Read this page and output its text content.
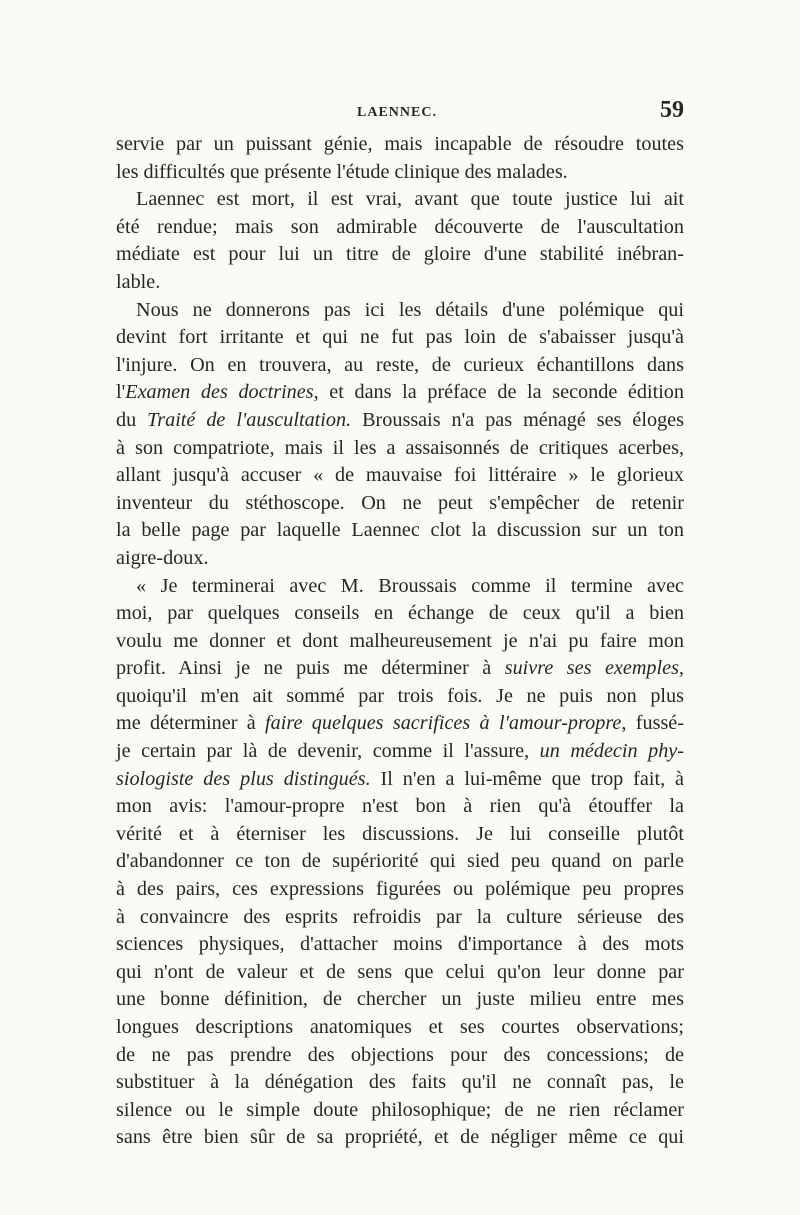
LAENNEC.	59
servie par un puissant génie, mais incapable de résoudre toutes
les difficultés que présente l'étude clinique des malades.
Laennec est mort, il est vrai, avant que toute justice lui ait
été rendue; mais son admirable découverte de l'auscultation
médiate est pour lui un titre de gloire d'une stabilité inébran-
lable.
Nous ne donnerons pas ici les détails d'une polémique qui
devint fort irritante et qui ne fut pas loin de s'abaisser jusqu'à
l'injure. On en trouvera, au reste, de curieux échantillons dans
l'Examen des doctrines, et dans la préface de la seconde édition
du Traité de l'auscultation. Broussais n'a pas ménagé ses éloges
à son compatriote, mais il les a assaisonnés de critiques acerbes,
allant jusqu'à accuser « de mauvaise foi littéraire » le glorieux
inventeur du stéthoscope. On ne peut s'empêcher de retenir
la belle page par laquelle Laennec clot la discussion sur un ton
aigre-doux.
« Je terminerai avec M. Broussais comme il termine avec
moi, par quelques conseils en échange de ceux qu'il a bien
voulu me donner et dont malheureusement je n'ai pu faire mon
profit. Ainsi je ne puis me déterminer à suivre ses exemples,
quoiqu'il m'en ait sommé par trois fois. Je ne puis non plus
me déterminer à faire quelques sacrifices à l'amour-propre, fussé-
je certain par là de devenir, comme il l'assure, un médecin phy-
siologiste des plus distingués. Il n'en a lui-même que trop fait, à
mon avis: l'amour-propre n'est bon à rien qu'à étouffer la
vérité et à éterniser les discussions. Je lui conseille plutôt
d'abandonner ce ton de supériorité qui sied peu quand on parle
à des pairs, ces expressions figurées ou polémique peu propres
à convaincre des esprits refroidis par la culture sérieuse des
sciences physiques, d'attacher moins d'importance à des mots
qui n'ont de valeur et de sens que celui qu'on leur donne par
une bonne définition, de chercher un juste milieu entre mes
longues descriptions anatomiques et ses courtes observations;
de ne pas prendre des objections pour des concessions; de
substituer à la dénégation des faits qu'il ne connaît pas, le
silence ou le simple doute philosophique; de ne rien réclamer
sans être bien sûr de sa propriété, et de négliger même ce qui
